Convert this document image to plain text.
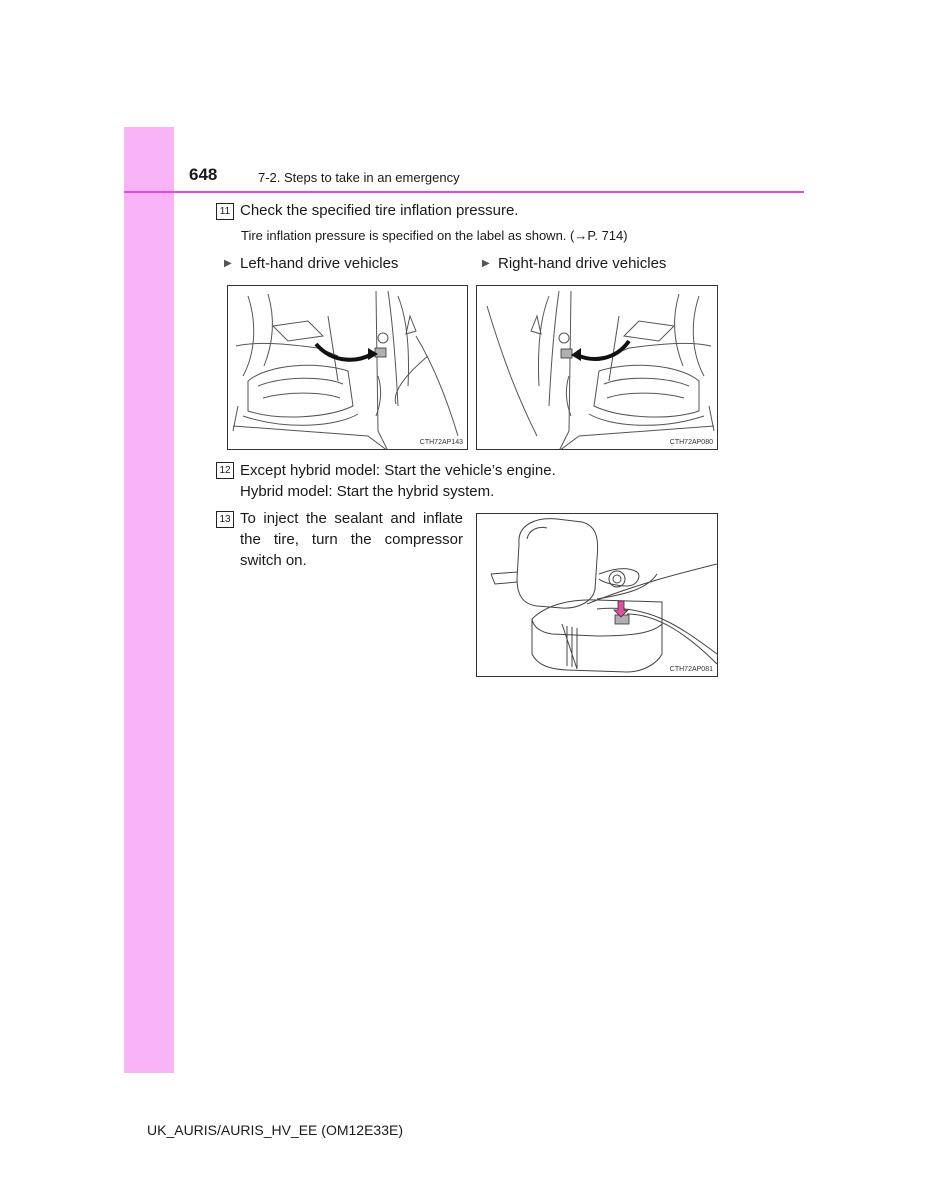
648	7-2. Steps to take in an emergency
11 Check the specified tire inflation pressure.
Tire inflation pressure is specified on the label as shown. (→P. 714)
▶ Left-hand drive vehicles	▶ Right-hand drive vehicles
CTH72AP143	CTH72AP080
12 Except hybrid model: Start the vehicle’s engine.
Hybrid model: Start the hybrid system.
13 To inject the sealant and inflate the tire, turn the compressor switch on.
CTH72AP081
UK_AURIS/AURIS_HV_EE (OM12E33E)
